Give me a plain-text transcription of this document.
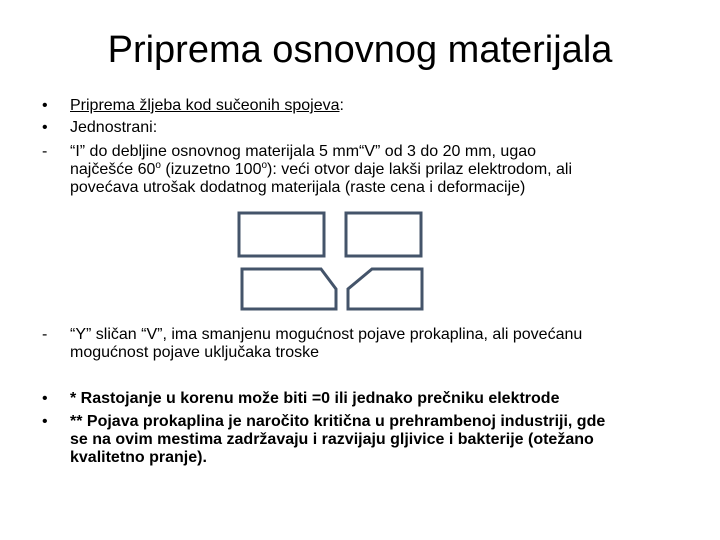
Priprema osnovnog materijala
• Priprema žljeba kod sučeonih spojeva:
• Jednostrani:
- “I” do debljine osnovnog materijala 5 mm“V” od 3 do 20 mm, ugao
najčešće 60$^o$ (izuzetno 100$^o$): veći otvor daje lakši prilaz elektrodom, ali
povećava utrošak dodatnog materijala (raste cena i deformacije)
- “Y” sličan “V”, ima smanjenu mogućnost pojave prokaplina, ali povećanu
mogućnost pojave uključaka troske
• * Rastojanje u korenu može biti =0 ili jednako prečniku elektrode
• ** Pojava prokaplina je naročito kritična u prehrambenoj industriji, gde
se na ovim mestima zadržavaju i razvijaju gljivice i bakterije (otežano
kvalitetno pranje).
